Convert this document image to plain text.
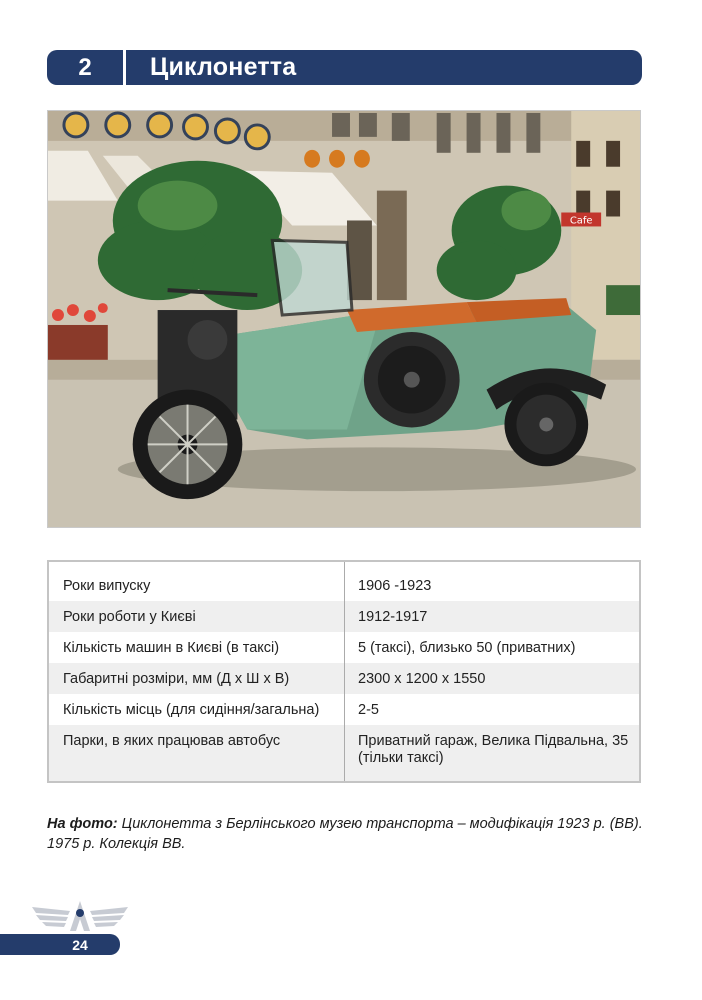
2	Циклонетта
Cafe
Роки випуску	1906 -1923
Роки роботи у Києві	1912-1917
Кількість машин в Києві (в таксі)	5 (таксі), близько 50 (приватних)
Габаритні розміри, мм (Д х Ш х В)	2300 x 1200 x 1550
Кількість місць (для сидіння/загальна)	2-5
Парки, в яких працював автобус	Приватний гараж, Велика Підвальна, 35 (тільки таксі)
На фото: Циклонетта з Берлінського музею транспорта – модифікація 1923 р. (ВВ). 1975 р. Колекція ВВ.
24
